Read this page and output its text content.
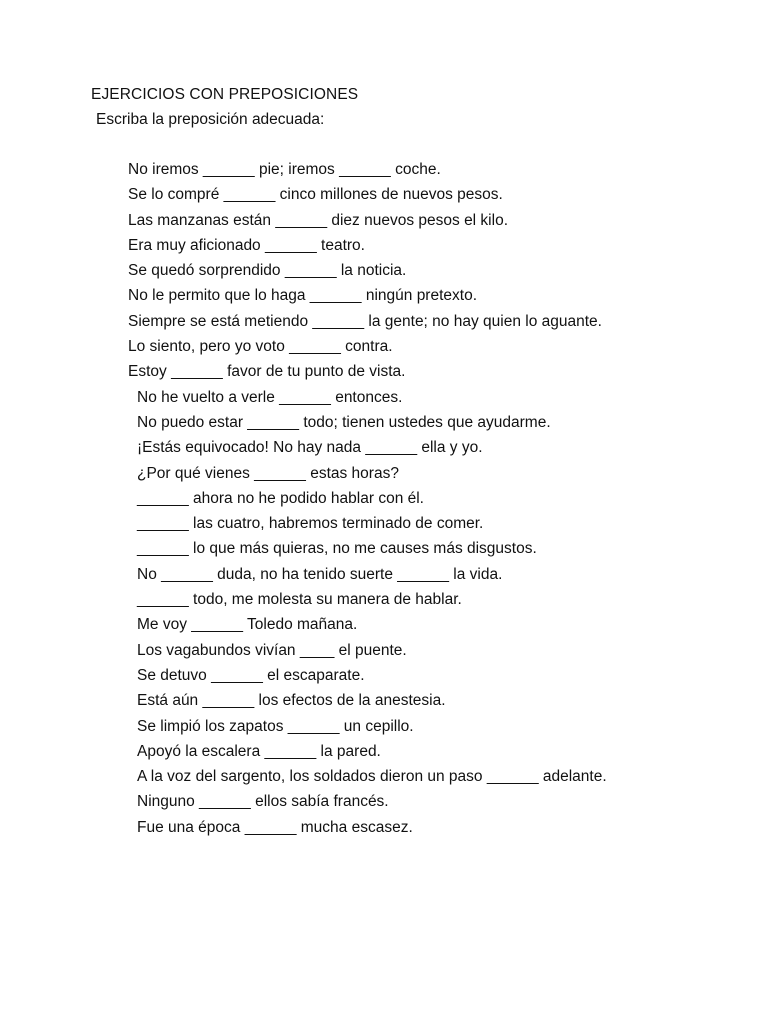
EJERCICIOS CON PREPOSICIONES
Escriba la preposición adecuada:
No iremos ______ pie; iremos ______ coche.
Se lo compré ______ cinco millones de nuevos pesos.
Las manzanas están ______ diez nuevos pesos el kilo.
Era muy aficionado ______ teatro.
Se quedó sorprendido ______ la noticia.
No le permito que lo haga ______ ningún pretexto.
Siempre se está metiendo ______ la gente; no hay quien lo aguante.
Lo siento, pero yo voto ______ contra.
Estoy ______ favor de tu punto de vista.
No he vuelto a verle ______ entonces.
No puedo estar ______ todo; tienen ustedes que ayudarme.
¡Estás equivocado! No hay nada ______ ella y yo.
¿Por qué vienes ______ estas horas?
______ ahora no he podido hablar con él.
______ las cuatro, habremos terminado de comer.
______ lo que más quieras, no me causes más disgustos.
No ______ duda, no ha tenido suerte ______ la vida.
______ todo, me molesta su manera de hablar.
Me voy ______ Toledo mañana.
Los vagabundos vivían ____ el puente.
Se detuvo ______ el escaparate.
Está aún ______ los efectos de la anestesia.
Se limpió los zapatos ______ un cepillo.
Apoyó la escalera ______ la pared.
A la voz del sargento, los soldados dieron un paso ______ adelante.
Ninguno ______ ellos sabía francés.
Fue una época ______ mucha escasez.
